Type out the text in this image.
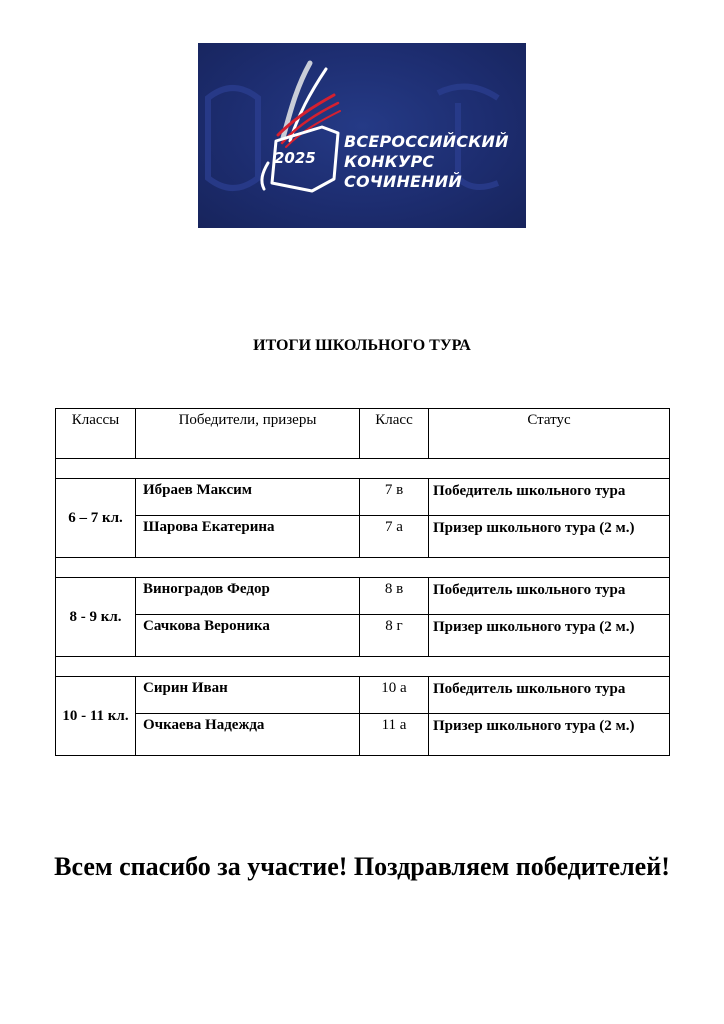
2025
ВСЕРОССИЙСКИЙ
КОНКУРС
СОЧИНЕНИЙ
ИТОГИ ШКОЛЬНОГО ТУРА
Классы	Победители, призеры	Класс	Статус

6 – 7 кл.	Ибраев Максим	7 в	Победитель школьного тура
	Шарова Екатерина	7 а	Призер школьного тура (2 м.)

8 - 9 кл.	Виноградов Федор	8 в	Победитель школьного тура
	Сачкова Вероника	8 г	Призер школьного тура (2 м.)

10 - 11 кл.	Сирин Иван	10 а	Победитель школьного тура
	Очкаева Надежда	11 а	Призер школьного тура (2 м.)
Всем спасибо за участие! Поздравляем победителей!
